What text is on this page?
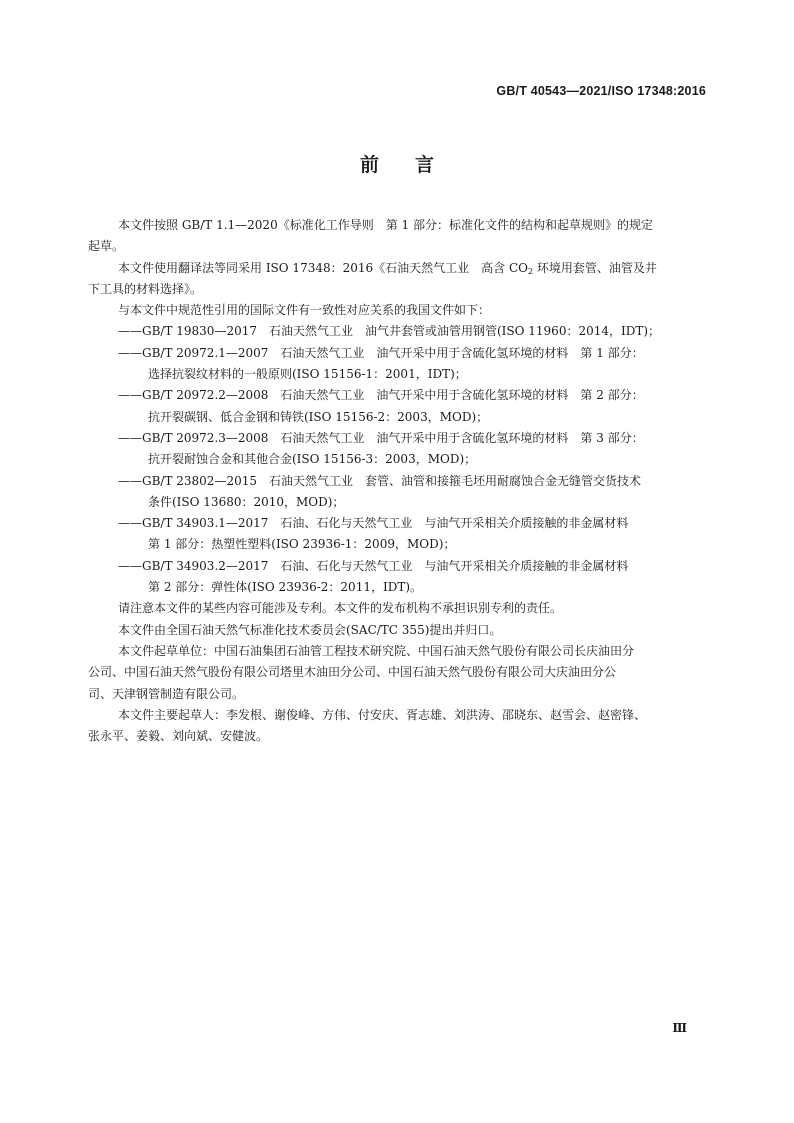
GB/T 40543—2021/ISO 17348:2016
前言
本文件按照 GB/T 1.1—2020《标准化工作导则　第 1 部分：标准化文件的结构和起草规则》的规定
起草。
本文件使用翻译法等同采用 ISO 17348：2016《石油天然气工业　高含 $CO_2$ 环境用套管、油管及井
下工具的材料选择》。
与本文件中规范性引用的国际文件有一致性对应关系的我国文件如下：
——GB/T 19830—2017　石油天然气工业　油气井套管或油管用钢管(ISO 11960：2014，IDT)；
——GB/T 20972.1—2007　石油天然气工业　油气开采中用于含硫化氢环境的材料　第 1 部分：
选择抗裂纹材料的一般原则(ISO 15156-1：2001，IDT)；
——GB/T 20972.2—2008　石油天然气工业　油气开采中用于含硫化氢环境的材料　第 2 部分：
抗开裂碳钢、低合金钢和铸铁(ISO 15156-2：2003，MOD)；
——GB/T 20972.3—2008　石油天然气工业　油气开采中用于含硫化氢环境的材料　第 3 部分：
抗开裂耐蚀合金和其他合金(ISO 15156-3：2003，MOD)；
——GB/T 23802—2015　石油天然气工业　套管、油管和接箍毛坯用耐腐蚀合金无缝管交货技术
条件(ISO 13680：2010，MOD)；
——GB/T 34903.1—2017　石油、石化与天然气工业　与油气开采相关介质接触的非金属材料
第 1 部分：热塑性塑料(ISO 23936-1：2009，MOD)；
——GB/T 34903.2—2017　石油、石化与天然气工业　与油气开采相关介质接触的非金属材料
第 2 部分：弹性体(ISO 23936-2：2011，IDT)。
请注意本文件的某些内容可能涉及专利。本文件的发布机构不承担识别专利的责任。
本文件由全国石油天然气标准化技术委员会(SAC/TC 355)提出并归口。
本文件起草单位：中国石油集团石油管工程技术研究院、中国石油天然气股份有限公司长庆油田分
公司、中国石油天然气股份有限公司塔里木油田分公司、中国石油天然气股份有限公司大庆油田分公
司、天津钢管制造有限公司。
本文件主要起草人：李发根、谢俊峰、方伟、付安庆、胥志雄、刘洪涛、邵晓东、赵雪会、赵密锋、
张永平、姜毅、刘向斌、安健波。
Ⅲ
